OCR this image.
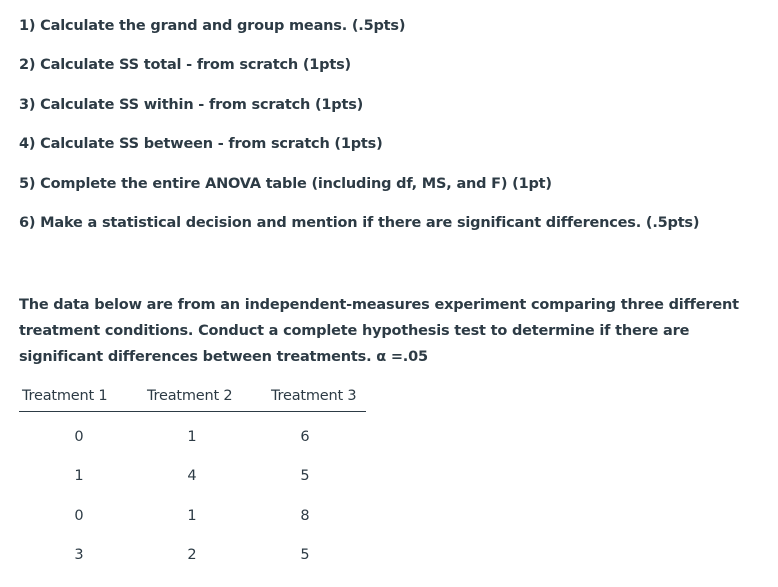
1) Calculate the grand and group means. (.5pts)
2) Calculate SS total - from scratch (1pts)
3) Calculate SS within - from scratch (1pts)
4) Calculate SS between - from scratch (1pts)
5) Complete the entire ANOVA table (including df, MS, and F) (1pt)
6) Make a statistical decision and mention if there are significant differences. (.5pts)
The data below are from an independent-measures experiment comparing three different treatment conditions. Conduct a complete hypothesis test to determine if there are significant differences between treatments. α =.05
Treatment 1	Treatment 2	Treatment 3
0	1	6
1	4	5
0	1	8
3	2	5
